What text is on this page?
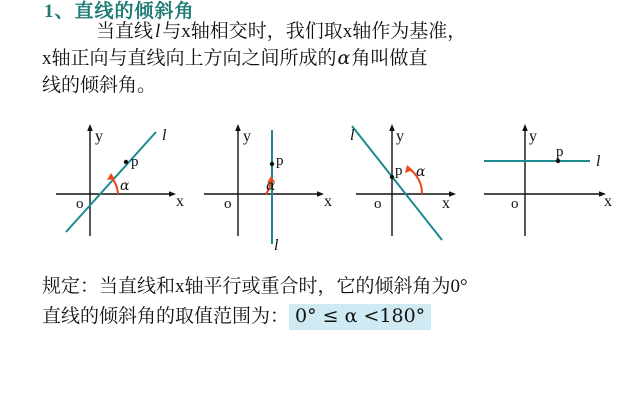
1、直线的倾斜角
当直线 l 与x轴相交时，我们取x轴作为基准，
x轴正向与直线向上方向之间所成的α角叫做直
线的倾斜角。
p
o
y
x
l
α
p
o
y
x
l
α
p
o
y
x
l
α
p
o
y
x
l
规定：当直线和x轴平行或重合时，它的倾斜角为0°
直线的倾斜角的取值范围为： 0° ≤ α <180°
